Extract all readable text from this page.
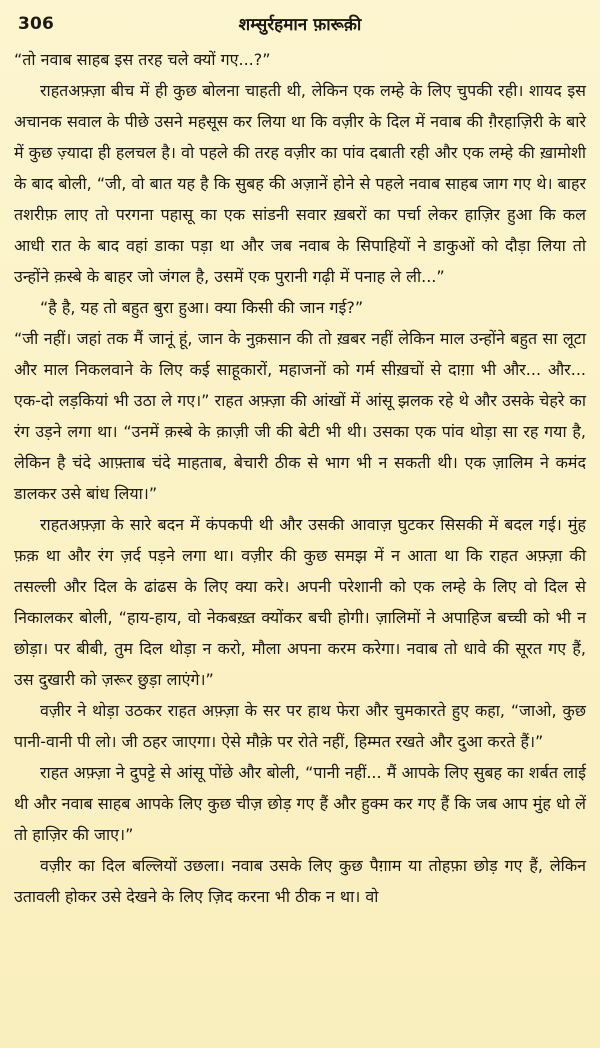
306	शम्सुर्रहमान फ़ारूक़ी

“तो नवाब साहब इस तरह चले क्यों गए...?”

राहतअफ़्ज़ा बीच में ही कुछ बोलना चाहती थी, लेकिन एक लम्हे के लिए चुपकी रही। शायद इस अचानक सवाल के पीछे उसने महसूस कर लिया था कि वज़ीर के दिल में नवाब की ग़ैरहाज़िरी के बारे में कुछ ज़्यादा ही हलचल है। वो पहले की तरह वज़ीर का पांव दबाती रही और एक लम्हे की ख़ामोशी के बाद बोली, “जी, वो बात यह है कि सुबह की अज़ानें होने से पहले नवाब साहब जाग गए थे। बाहर तशरीफ़ लाए तो परगना पहासू का एक सांडनी सवार ख़बरों का पर्चा लेकर हाज़िर हुआ कि कल आधी रात के बाद वहां डाका पड़ा था और जब नवाब के सिपाहियों ने डाकुओं को दौड़ा लिया तो उन्होंने क़स्बे के बाहर जो जंगल है, उसमें एक पुरानी गढ़ी में पनाह ले ली...”

“है है, यह तो बहुत बुरा हुआ। क्या किसी की जान गई?”

“जी नहीं। जहां तक मैं जानूं हूं, जान के नुक़सान की तो ख़बर नहीं लेकिन माल उन्होंने बहुत सा लूटा और माल निकलवाने के लिए कई साहूकारों, महाजनों को गर्म सीख़चों से दाग़ा भी और... और... एक-दो लड़कियां भी उठा ले गए।” राहत अफ़्ज़ा की आंखों में आंसू झलक रहे थे और उसके चेहरे का रंग उड़ने लगा था। “उनमें क़स्बे के क़ाज़ी जी की बेटी भी थी। उसका एक पांव थोड़ा सा रह गया है, लेकिन है चंदे आफ़्ताब चंदे माहताब, बेचारी ठीक से भाग भी न सकती थी। एक ज़ालिम ने कमंद डालकर उसे बांध लिया।”

राहतअफ़्ज़ा के सारे बदन में कंपकपी थी और उसकी आवाज़ घुटकर सिसकी में बदल गई। मुंह फ़क़ था और रंग ज़र्द पड़ने लगा था। वज़ीर की कुछ समझ में न आता था कि राहत अफ़्ज़ा की तसल्ली और दिल के ढांढस के लिए क्या करे। अपनी परेशानी को एक लम्हे के लिए वो दिल से निकालकर बोली, “हाय-हाय, वो नेकबख़्त क्योंकर बची होगी। ज़ालिमों ने अपाहिज बच्ची को भी न छोड़ा। पर बीबी, तुम दिल थोड़ा न करो, मौला अपना करम करेगा। नवाब तो धावे की सूरत गए हैं, उस दुखारी को ज़रूर छुड़ा लाएंगे।”

वज़ीर ने थोड़ा उठकर राहत अफ़्ज़ा के सर पर हाथ फेरा और चुमकारते हुए कहा, “जाओ, कुछ पानी-वानी पी लो। जी ठहर जाएगा। ऐसे मौक़े पर रोते नहीं, हिम्मत रखते और दुआ करते हैं।”

राहत अफ़्ज़ा ने दुपट्टे से आंसू पोंछे और बोली, “पानी नहीं... मैं आपके लिए सुबह का शर्बत लाई थी और नवाब साहब आपके लिए कुछ चीज़ छोड़ गए हैं और हुक्म कर गए हैं कि जब आप मुंह धो लें तो हाज़िर की जाए।”

वज़ीर का दिल बल्लियों उछला। नवाब उसके लिए कुछ पैग़ाम या तोहफ़ा छोड़ गए हैं, लेकिन उतावली होकर उसे देखने के लिए ज़िद करना भी ठीक न था। वो
